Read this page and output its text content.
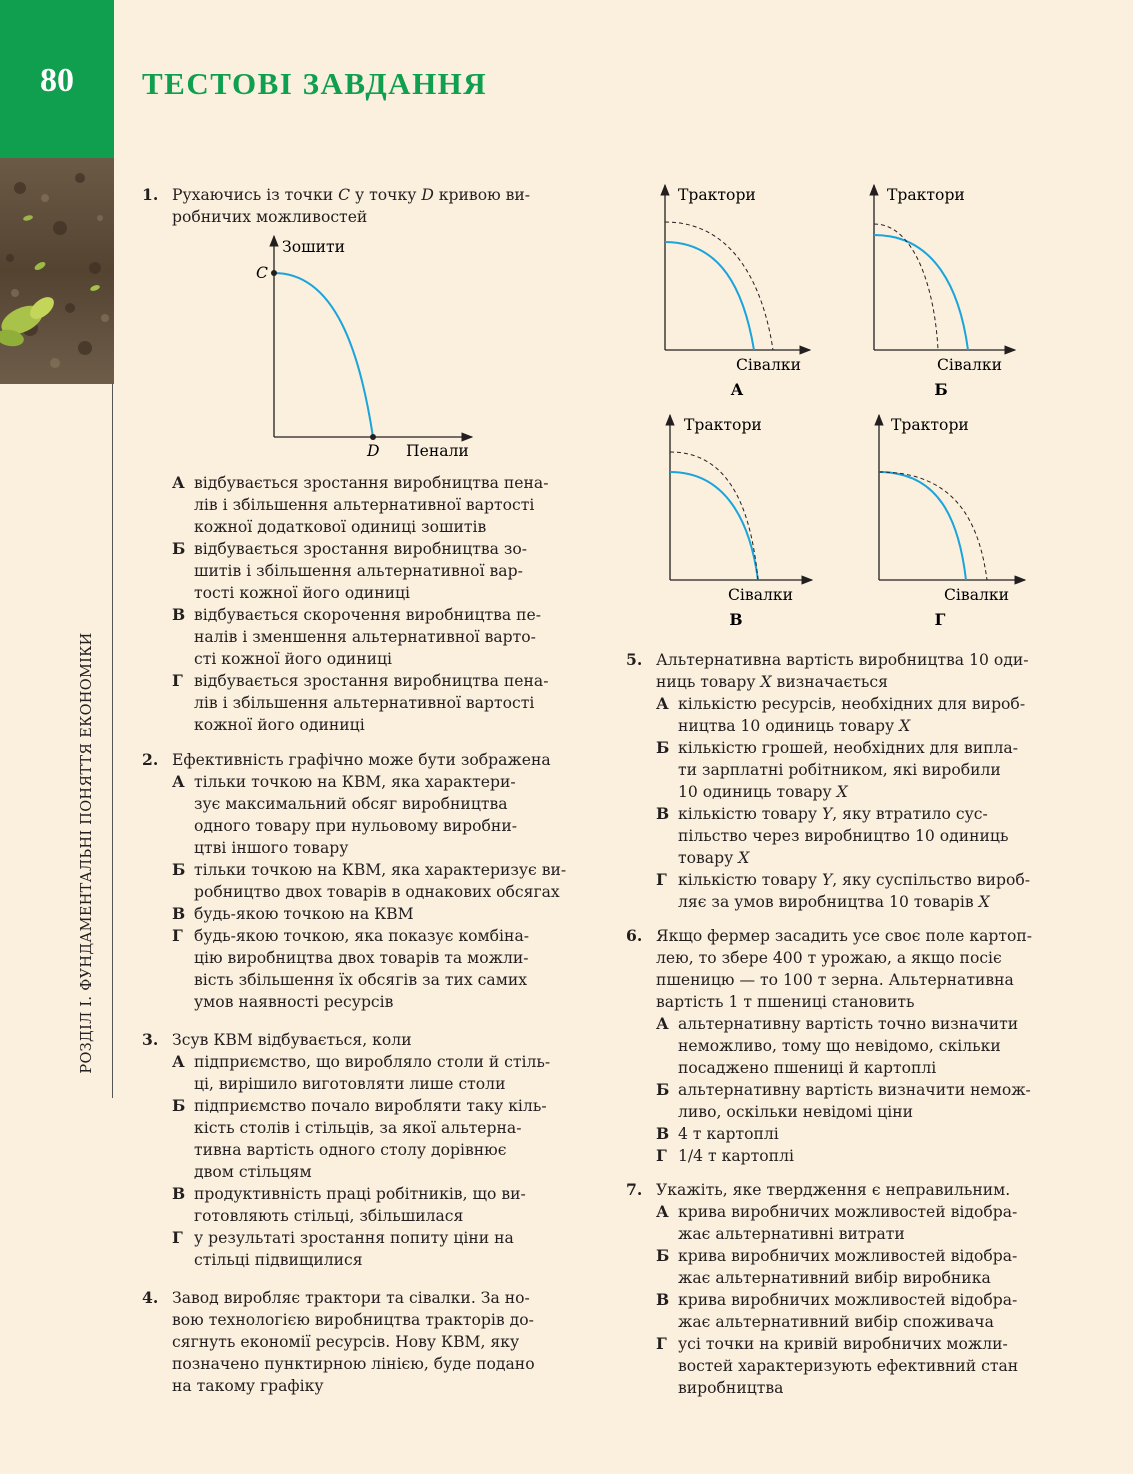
80
РОЗДІЛ I. ФУНДАМЕНТАЛЬНІ ПОНЯТТЯ ЕКОНОМІКИ
ТЕСТОВІ ЗАВДАННЯ
1. Рухаючись із точки C у точку D кривою ви-
робничих можливостей
Зошити
Пенали
C
D
А відбувається зростання виробництва пена-
лів і збільшення альтернативної вартості
кожної додаткової одиниці зошитів
Б відбувається зростання виробництва зо-
шитів і збільшення альтернативної вар-
тості кожної його одиниці
В відбувається скорочення виробництва пе-
налів і зменшення альтернативної варто-
сті кожної його одиниці
Г відбувається зростання виробництва пена-
лів і збільшення альтернативної вартості
кожної його одиниці
2. Ефективність графічно може бути зображена
А тільки точкою на КВМ, яка характери-
зує максимальний обсяг виробництва
одного товару при нульовому виробни-
цтві іншого товару
Б тільки точкою на КВМ, яка характеризує ви-
робництво двох товарів в однакових обсягах
В будь-якою точкою на КВМ
Г будь-якою точкою, яка показує комбіна-
цію виробництва двох товарів та можли-
вість збільшення їх обсягів за тих самих
умов наявності ресурсів
3. Зсув КВМ відбувається, коли
А підприємство, що виробляло столи й стіль-
ці, вирішило виготовляти лише столи
Б підприємство почало виробляти таку кіль-
кість столів і стільців, за якої альтерна-
тивна вартість одного столу дорівнює
двом стільцям
В продуктивність праці робітників, що ви-
готовляють стільці, збільшилася
Г у результаті зростання попиту ціни на
стільці підвищилися
4. Завод виробляє трактори та сівалки. За но-
вою технологією виробництва тракторів до-
сягнуть економії ресурсів. Нову КВМ, яку
позначено пунктирною лінією, буде подано
на такому графіку
Трактори
Сівалки
А
Трактори
Сівалки
Б
Трактори
Сівалки
В
Трактори
Сівалки
Г
5. Альтернативна вартість виробництва 10 оди-
ниць товару X визначається
А кількістю ресурсів, необхідних для вироб-
ництва 10 одиниць товару X
Б кількістю грошей, необхідних для випла-
ти зарплатні робітником, які виробили
10 одиниць товару X
В кількістю товару Y, яку втратило сус-
пільство через виробництво 10 одиниць
товару X
Г кількістю товару Y, яку суспільство вироб-
ляє за умов виробництва 10 товарів X
6. Якщо фермер засадить усе своє поле картоп-
лею, то збере 400 т урожаю, а якщо посіє
пшеницю — то 100 т зерна. Альтернативна
вартість 1 т пшениці становить
А альтернативну вартість точно визначити
неможливо, тому що невідомо, скільки
посаджено пшениці й картоплі
Б альтернативну вартість визначити немож-
ливо, оскільки невідомі ціни
В 4 т картоплі
Г 1/4 т картоплі
7. Укажіть, яке твердження є неправильним.
А крива виробничих можливостей відобра-
жає альтернативні витрати
Б крива виробничих можливостей відобра-
жає альтернативний вибір виробника
В крива виробничих можливостей відобра-
жає альтернативний вибір споживача
Г усі точки на кривій виробничих можли-
востей характеризують ефективний стан
виробництва
